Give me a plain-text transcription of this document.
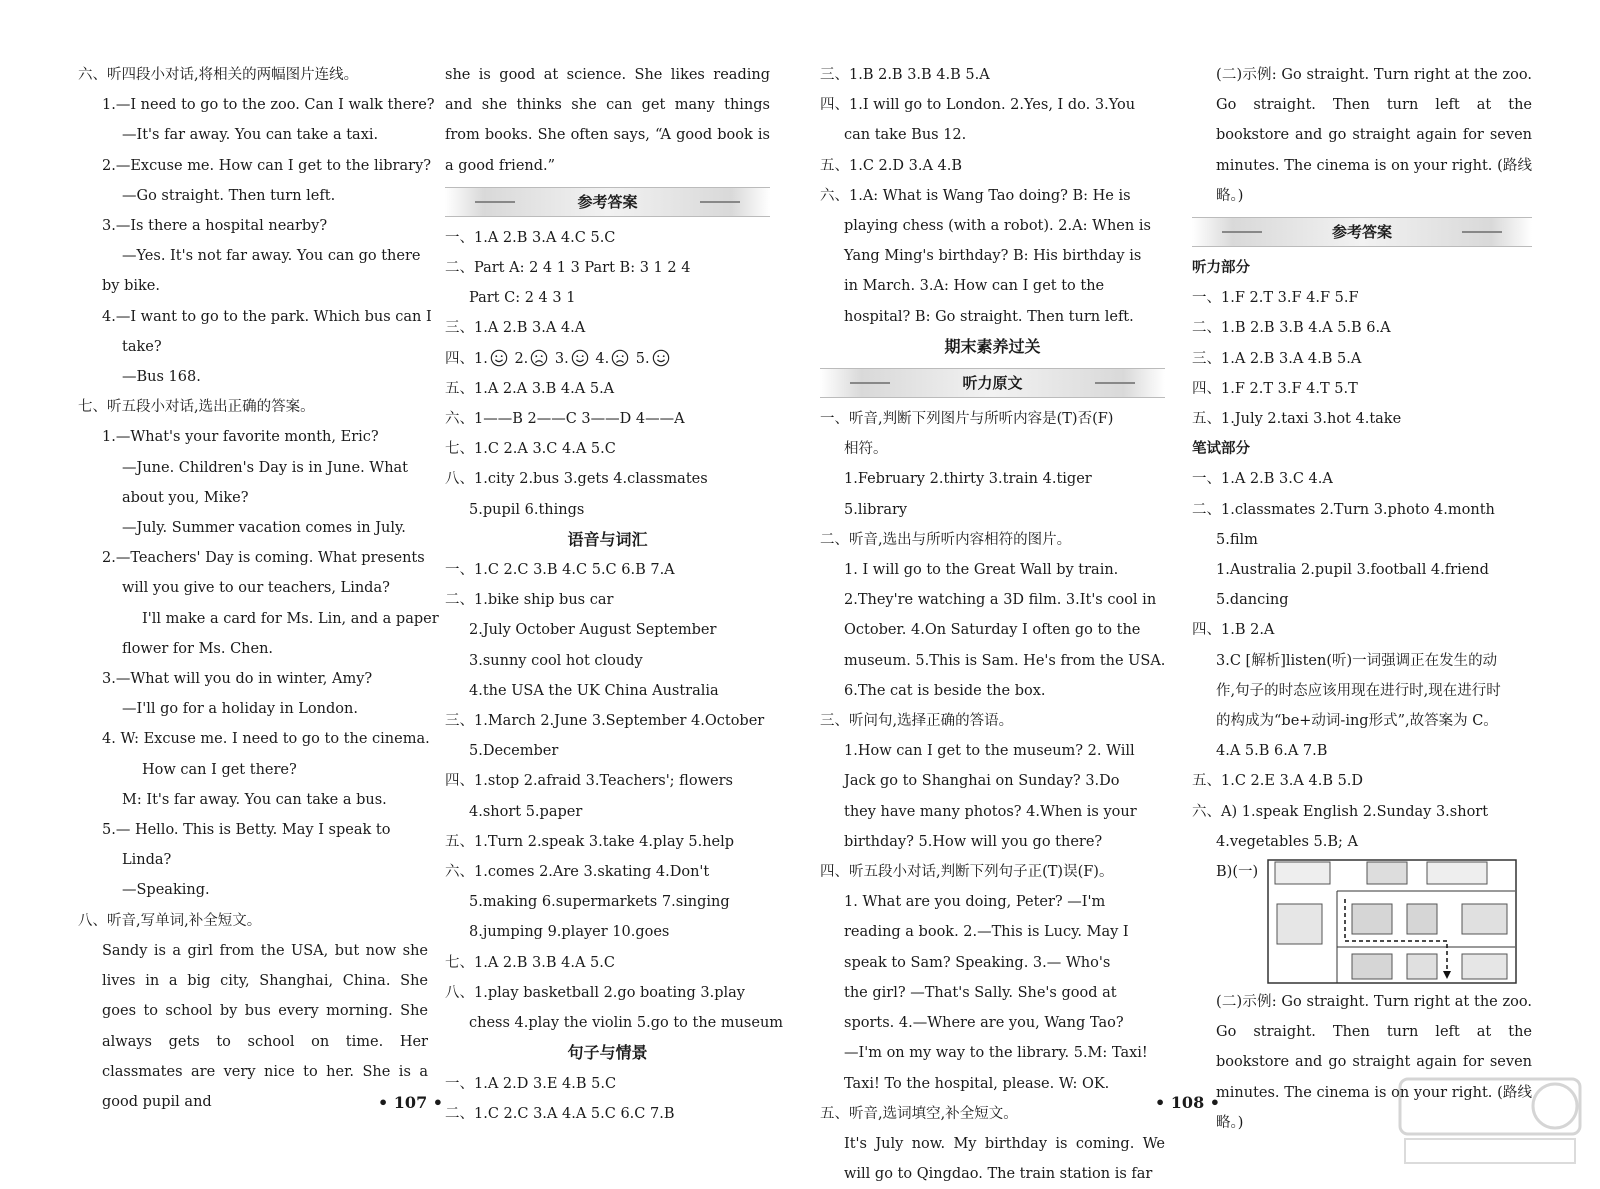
六、听四段小对话,将相关的两幅图片连线。
1.—I need to go to the zoo. Can I walk there?
—It's far away. You can take a taxi.
2.—Excuse me. How can I get to the library?
—Go straight. Then turn left.
3.—Is there a hospital nearby?
—Yes. It's not far away. You can go there
by bike.
4.—I want to go to the park. Which bus can I
take?
—Bus 168.
七、听五段小对话,选出正确的答案。
1.—What's your favorite month, Eric?
—June. Children's Day is in June. What
about you, Mike?
—July. Summer vacation comes in July.
2.—Teachers' Day is coming. What presents
will you give to our teachers, Linda?
I'll make a card for Ms. Lin, and a paper
flower for Ms. Chen.
3.—What will you do in winter, Amy?
—I'll go for a holiday in London.
4. W: Excuse me. I need to go to the cinema.
How can I get there?
M: It's far away. You can take a bus.
5.— Hello. This is Betty. May I speak to
Linda?
—Speaking.
八、听音,写单词,补全短文。
Sandy is a girl from the USA, but now she lives in a big city, Shanghai, China. She goes to school by bus every morning. She always gets to school on time. Her classmates are very nice to her. She is a good pupil and
she is good at science. She likes reading and she thinks she can get many things from books. She often says, “A good book is a good friend.”
参考答案
一、1.A 2.B 3.A 4.C 5.C
二、Part A: 2 4 1 3 Part B: 3 1 2 4
Part C: 2 4 3 1
三、1.A 2.B 3.A 4.A
四、1. 2. 3. 4. 5.
五、1.A 2.A 3.B 4.A 5.A
六、1——B 2——C 3——D 4——A
七、1.C 2.A 3.C 4.A 5.C
八、1.city 2.bus 3.gets 4.classmates
5.pupil 6.things
语音与词汇
一、1.C 2.C 3.B 4.C 5.C 6.B 7.A
二、1.bike ship bus car
2.July October August September
3.sunny cool hot cloudy
4.the USA the UK China Australia
三、1.March 2.June 3.September 4.October
5.December
四、1.stop 2.afraid 3.Teachers'; flowers
4.short 5.paper
五、1.Turn 2.speak 3.take 4.play 5.help
六、1.comes 2.Are 3.skating 4.Don't
5.making 6.supermarkets 7.singing
8.jumping 9.player 10.goes
七、1.A 2.B 3.B 4.A 5.C
八、1.play basketball 2.go boating 3.play
chess 4.play the violin 5.go to the museum
句子与情景
一、1.A 2.D 3.E 4.B 5.C
二、1.C 2.C 3.A 4.A 5.C 6.C 7.B
• 107 •
三、1.B 2.B 3.B 4.B 5.A
四、1.I will go to London. 2.Yes, I do. 3.You
can take Bus 12.
五、1.C 2.D 3.A 4.B
六、1.A: What is Wang Tao doing? B: He is
playing chess (with a robot). 2.A: When is
Yang Ming's birthday? B: His birthday is
in March. 3.A: How can I get to the
hospital? B: Go straight. Then turn left.
期末素养过关
听力原文
一、听音,判断下列图片与所听内容是(T)否(F)
相符。
1.February 2.thirty 3.train 4.tiger
5.library
二、听音,选出与所听内容相符的图片。
1. I will go to the Great Wall by train.
2.They're watching a 3D film. 3.It's cool in
October. 4.On Saturday I often go to the
museum. 5.This is Sam. He's from the USA.
6.The cat is beside the box.
三、听问句,选择正确的答语。
1.How can I get to the museum? 2. Will
Jack go to Shanghai on Sunday? 3.Do
they have many photos? 4.When is your
birthday? 5.How will you go there?
四、听五段小对话,判断下列句子正(T)误(F)。
1. What are you doing, Peter? —I'm
reading a book. 2.—This is Lucy. May I
speak to Sam? Speaking. 3.— Who's
the girl? —That's Sally. She's good at
sports. 4.—Where are you, Wang Tao?
—I'm on my way to the library. 5.M: Taxi!
Taxi! To the hospital, please. W: OK.
五、听音,选词填空,补全短文。
It's July now. My birthday is coming. We will go to Qingdao. The train station is far
(二)示例: Go straight. Turn right at the zoo. Go straight. Then turn left at the bookstore and go straight again for seven minutes. The cinema is on your right. (路线略。)
参考答案
听力部分
一、1.F 2.T 3.F 4.F 5.F
二、1.B 2.B 3.B 4.A 5.B 6.A
三、1.A 2.B 3.A 4.B 5.A
四、1.F 2.T 3.F 4.T 5.T
五、1.July 2.taxi 3.hot 4.take
笔试部分
一、1.A 2.B 3.C 4.A
二、1.classmates 2.Turn 3.photo 4.month
5.film
1.Australia 2.pupil 3.football 4.friend
5.dancing
四、1.B 2.A
3.C [解析]listen(听)一词强调正在发生的动
作,句子的时态应该用现在进行时,现在进行时
的构成为“be+动词-ing形式”,故答案为 C。
4.A 5.B 6.A 7.B
五、1.C 2.E 3.A 4.B 5.D
六、A) 1.speak English 2.Sunday 3.short
4.vegetables 5.B; A
B)(一)
(二)示例: Go straight. Turn right at the zoo. Go straight. Then turn left at the bookstore and go straight again for seven minutes. The cinema is on your right. (路线略。)
• 108 •
